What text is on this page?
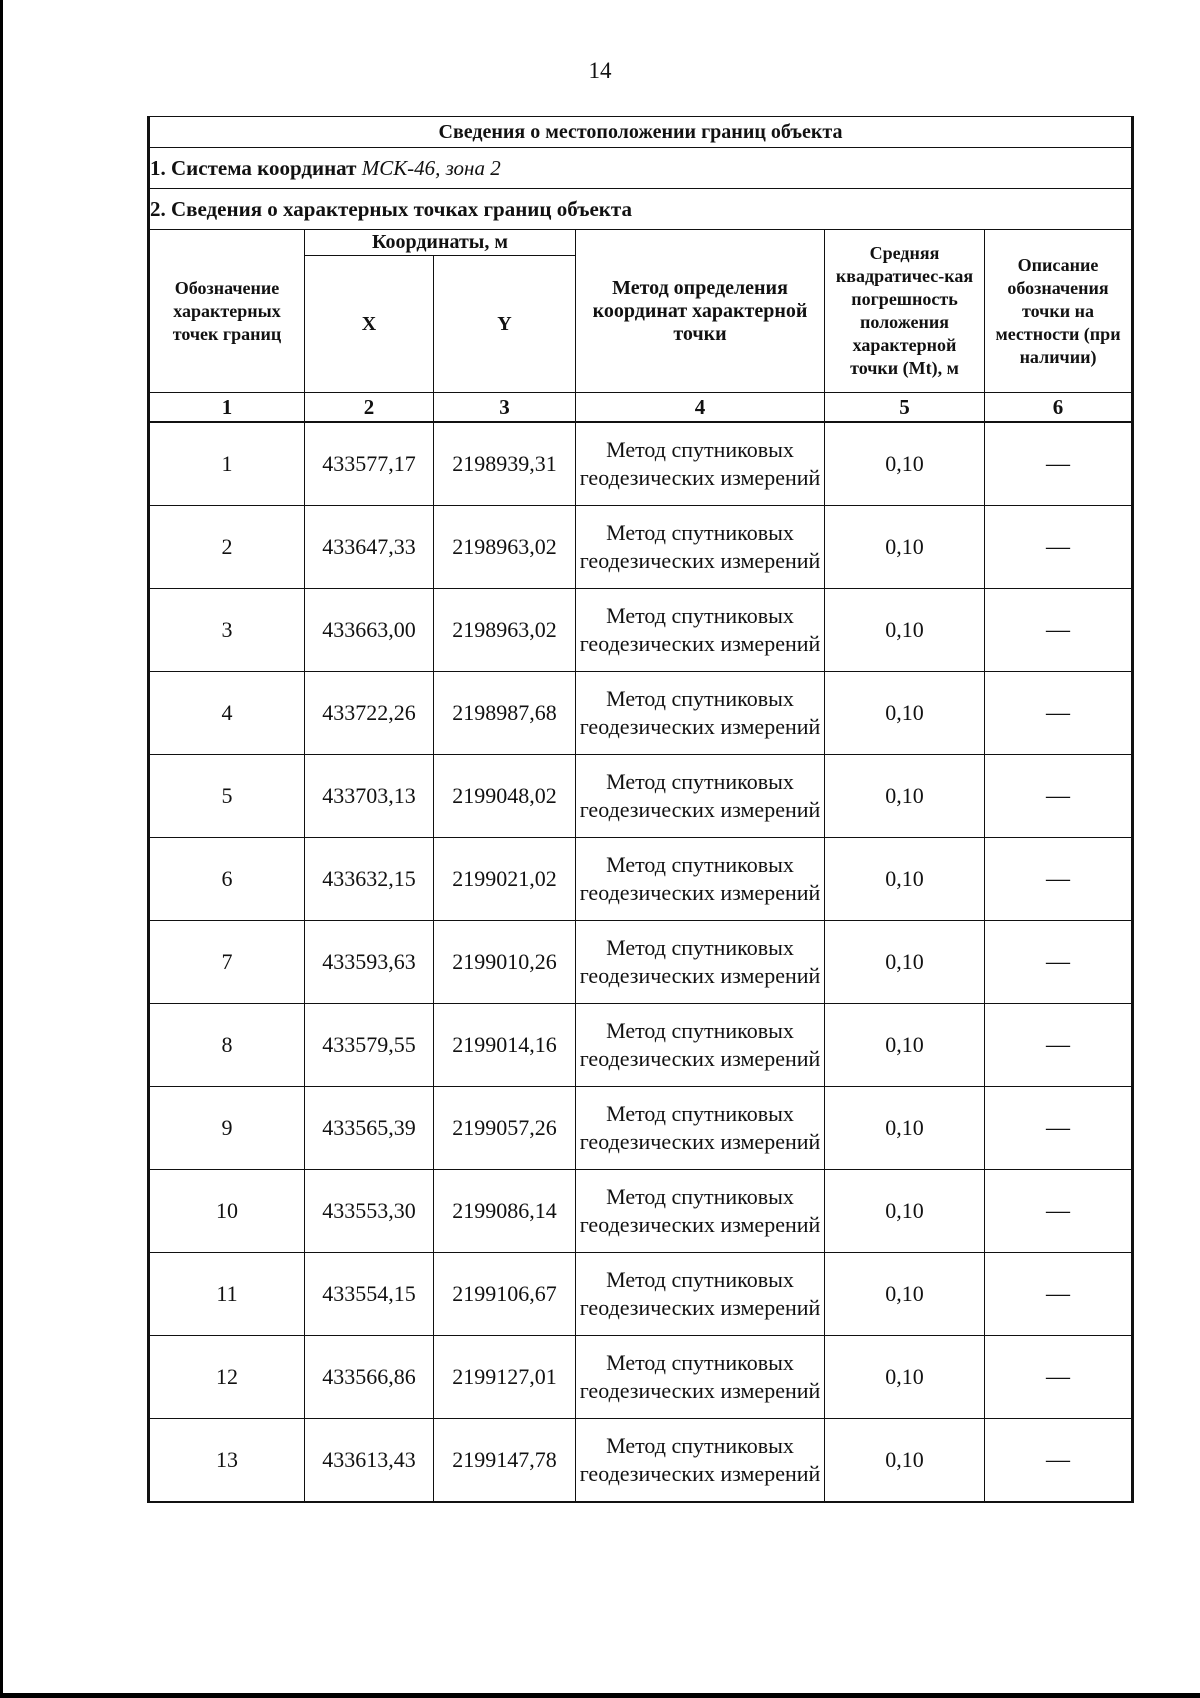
14
Сведения о местоположении границ объекта					
1. Система координат МСК-46, зона 2					
2. Сведения о характерных точках границ объекта					
Обозначение характерных точек границ	Координаты, м		Метод определения координат характерной точки	Средняя квадратичес-кая погрешность положения характерной точки (Mt), м	Описание обозначения точки на местности (при наличии)
	X	Y			
1	2	3	4	5	6
1	433577,17	2198939,31	Метод спутниковых геодезических измерений	0,10	—
2	433647,33	2198963,02	Метод спутниковых геодезических измерений	0,10	—
3	433663,00	2198963,02	Метод спутниковых геодезических измерений	0,10	—
4	433722,26	2198987,68	Метод спутниковых геодезических измерений	0,10	—
5	433703,13	2199048,02	Метод спутниковых геодезических измерений	0,10	—
6	433632,15	2199021,02	Метод спутниковых геодезических измерений	0,10	—
7	433593,63	2199010,26	Метод спутниковых геодезических измерений	0,10	—
8	433579,55	2199014,16	Метод спутниковых геодезических измерений	0,10	—
9	433565,39	2199057,26	Метод спутниковых геодезических измерений	0,10	—
10	433553,30	2199086,14	Метод спутниковых геодезических измерений	0,10	—
11	433554,15	2199106,67	Метод спутниковых геодезических измерений	0,10	—
12	433566,86	2199127,01	Метод спутниковых геодезических измерений	0,10	—
13	433613,43	2199147,78	Метод спутниковых геодезических измерений	0,10	—
